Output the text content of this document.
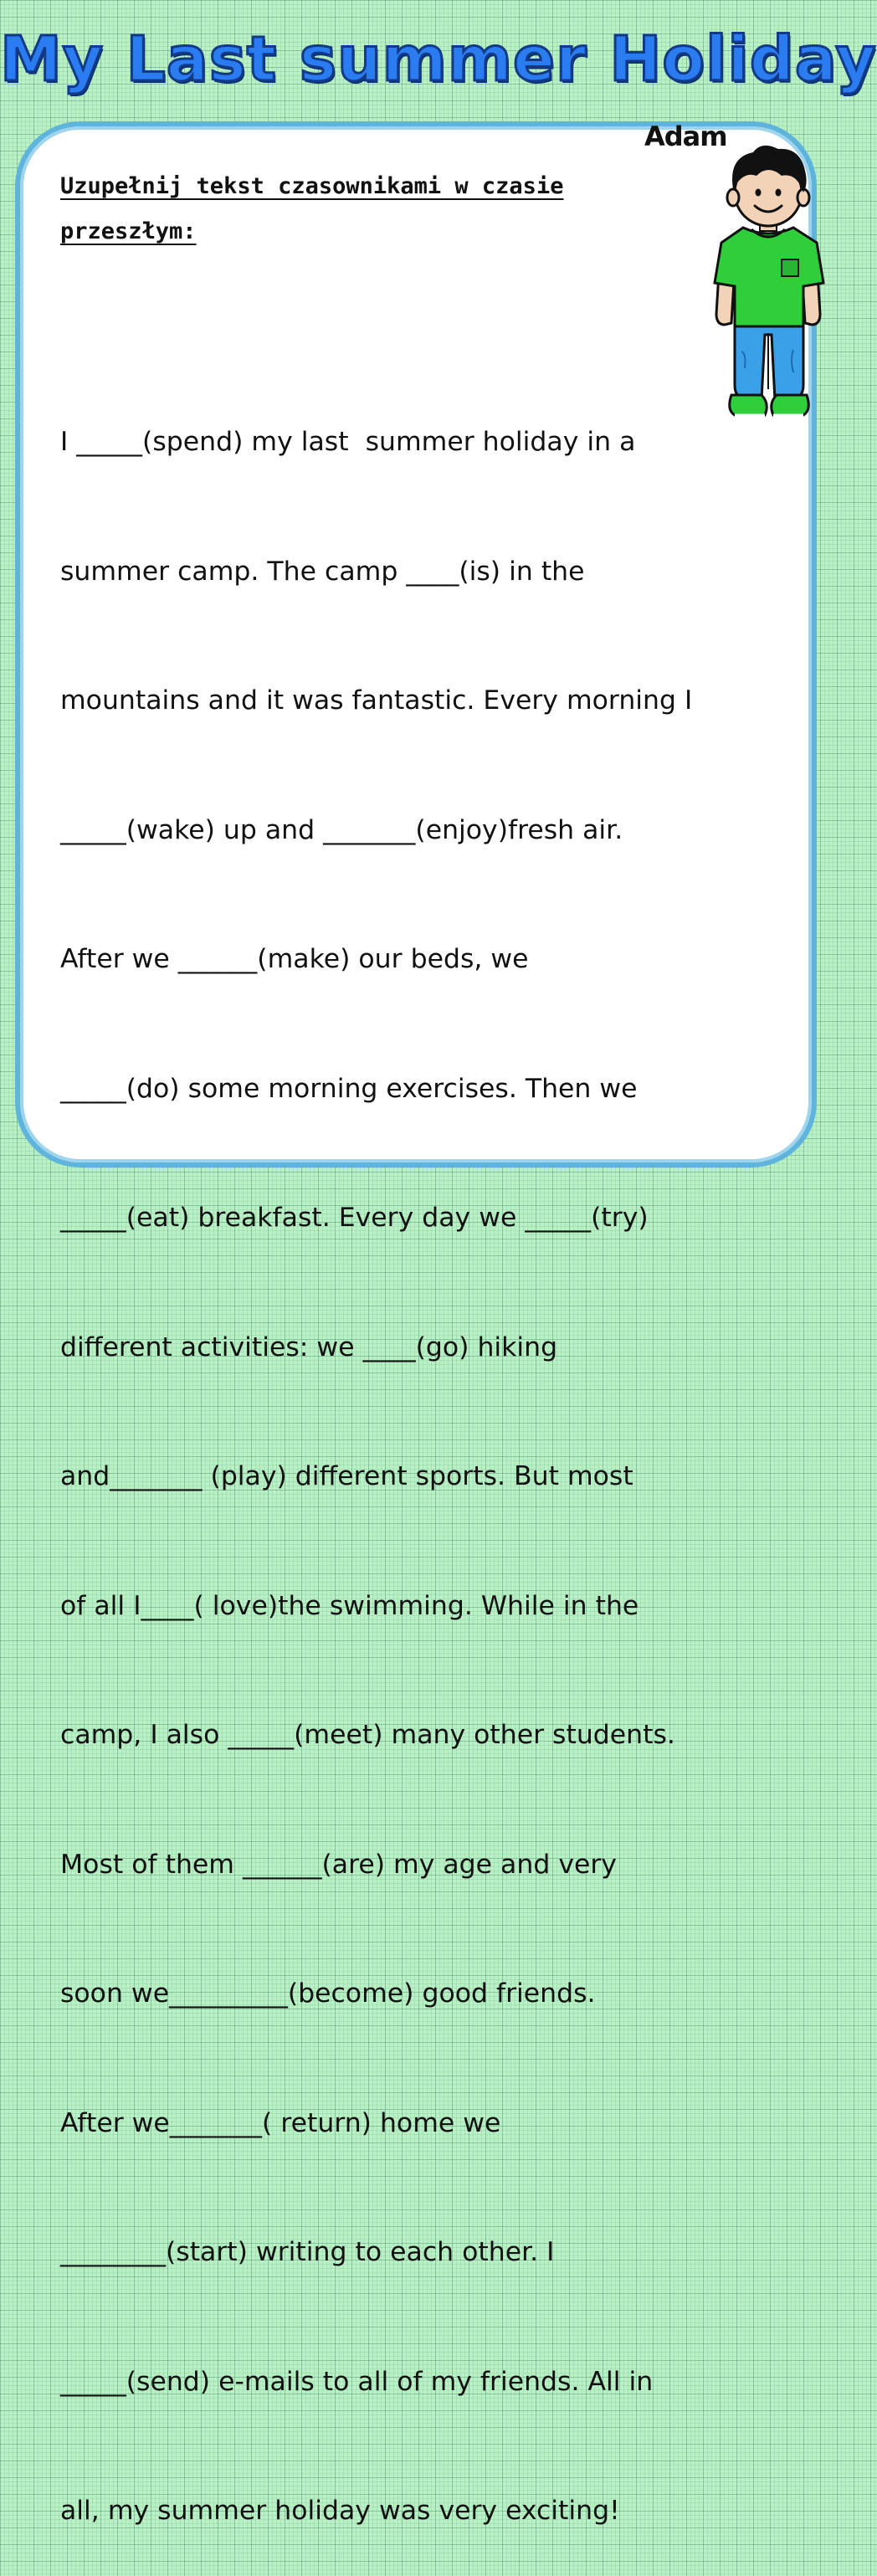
My Last summer Holiday
Adam
Uzupełnij tekst czasownikami w czasie
przeszłym:

I _____(spend) my last  summer holiday in a

summer camp. The camp ____(is) in the

mountains and it was fantastic. Every morning I

_____(wake) up and _______(enjoy)fresh air.

After we ______(make) our beds, we

_____(do) some morning exercises. Then we

_____(eat) breakfast. Every day we _____(try)

different activities: we ____(go) hiking

and_______ (play) different sports. But most

of all I____( love)the swimming. While in the

camp, I also _____(meet) many other students.

Most of them ______(are) my age and very

soon we_________(become) good friends.

After we_______( return) home we

________(start) writing to each other. I

_____(send) e-mails to all of my friends. All in

all, my summer holiday was very exciting!
